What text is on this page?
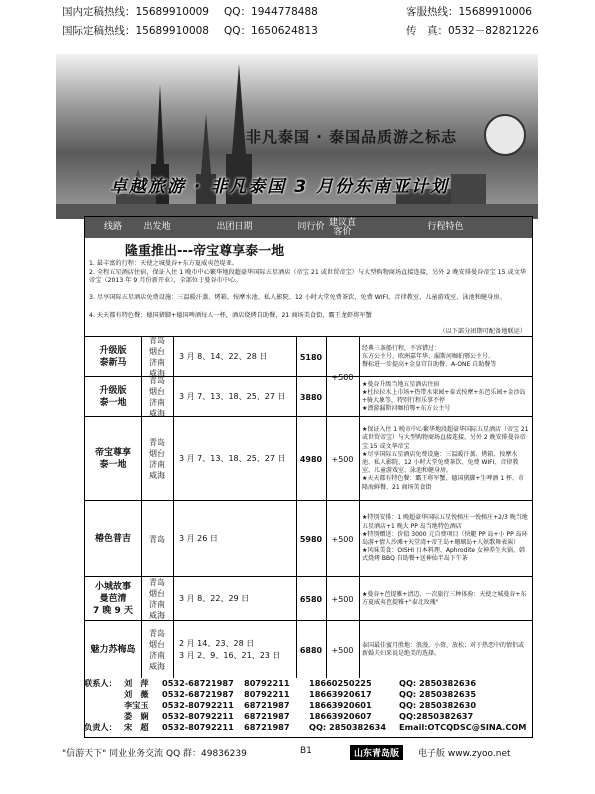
国内定稿热线：15689910009 QQ：1944778488
国际定稿热线：15689910008 QQ：1650624813
客服热线：15689910006
传　真：0532－82821226
非凡泰国 · 泰国品质游之标志
卓越旅游 · 非凡泰国 3 月份东南亚计划
线路	出发地	出团日期	同行价 建议直客价	行程特色
隆重推出---帝宝尊享泰一地
1. 最丰富的行程：天使之城曼谷+东方夏威夷芭堤亚。
2. 全程五星酒店住宿，保证入住 1 晚市中心繁华地段超豪华国际五星酒店（帝宝 21 或世贸帝宝）与大型购物商场直接连接，另外 2 晚安排曼谷帝宝 15 或文华帝宝（2013 年 9 月份新开业），全部位于曼谷市中心。
3. 尽享国际五星酒店免费设施：三温暖汗蒸、烤箱、按摩水池、私人影院、12 小时大堂免费茶饮、免费 WIFI、音律教室、儿童游戏室、泳池和健身房。
4. 天天都有特色餐：德国猪脚+德国啤酒每人一杯，酒店烧烤自助餐，21 商场美食街，霸王龙虾将军蟹
（以下部分团期可配备地联运）
升级版
泰新马
青岛
烟台
济南
威海
3 月 8、14、22、28 日	5180
+500
经典三条船行程，不容错过：
东方公主号、欧洲嘉年华、漏斯河咖拍鄂公主号、
餐标进一步提高+金皇宫自助餐、A-ONE 自助餐等
升级版
泰一地
青岛
烟台
济南
威海
3 月 7、13、18、25、27 日	3880
★曼谷升级当地五星酒店住宿
★杜拉拉水上市场+热带水果园+泰式按摩+东芭乐园+金沙岛+骑大象等，特别行程乐事不停
★漂游漏斯河咖拍鄂+东方公主号
帝宝尊享
泰一地
青岛
烟台
济南
威海
3 月 7、13、18、25、27 日	4980	+500
★保证入住 1 晚市中心繁华地段超豪华国际五星酒店（帝宝 21 或世贸帝宝）与大型购物商场直接连接，另外 2 晚安排曼谷帝宝 15 或文华帝宝
★尽享国际五星酒店免费设施：三温暖汗蒸、烤箱、按摩水池、私人影院、12 小时大堂免费茶饮、免费 WIFI、音律教室、儿童游戏室、泳池和健身房。
★天天都有特色餐：霸王将军蟹、德国猪脚+生啤酒 1 杯、市隆海鲜餐、21 商场美食街
椿色普吉	青岛	3 月 26 日	5980	+500
★特别安排：1 晚超豪华国际五星悦榕庄一悦榕庄+2/3 晚当地五星酒店+1 晚大 PP 岛当地特色酒店
★特别赠送：价值 3000 元自费项目（快艇 PP 岛+小 PP 岛环岛游+情人沙滩+天堂湾+帝王岛+珊瑚岛+人妖歌舞表演）
★风味美食：OISHI 日本料理、Aphrodite 女神养生火锅、韩式烧烤 BBQ 自助餐+送神仙半岛下午茶
小城故事
曼芭清
7 晚 9 天
青岛
烟台
济南
威海
3 月 8、22、29 日	6580	+500
★曼谷+芭提雅+清迈，一次旅行三种体验：天使之城曼谷+东方夏威夷芭提雅+"泰北玫瑰"
魅力苏梅岛
青岛
烟台
济南
威海
2 月 14、23、28 日
3 月 2、9、16、21、23 日
6880	+500
泰国最佳蜜月胜地：浪漫、小资、放松；对于热恋中的情侣或新婚夫妇来说是绝美的选择。
联系人： 刘　萍 0532-68721987 80792211 18660250225	QQ: 2850382636
刘　薇 0532-68721987 80792211 18663920617	QQ: 2850382635
李宝玉 0532-80792211 68721987 18663920601	QQ: 2850382630
娄　娴 0532-80792211 68721987 18663920607	QQ:2850382637
负责人： 宋　超 0532-80792211 68721987 QQ: 2850382634 Email:OTCQDSC@SINA.COM
"信游天下" 同业业务交流 QQ 群：49836239	B1	山东青岛版	电子版 www.zyoo.net
